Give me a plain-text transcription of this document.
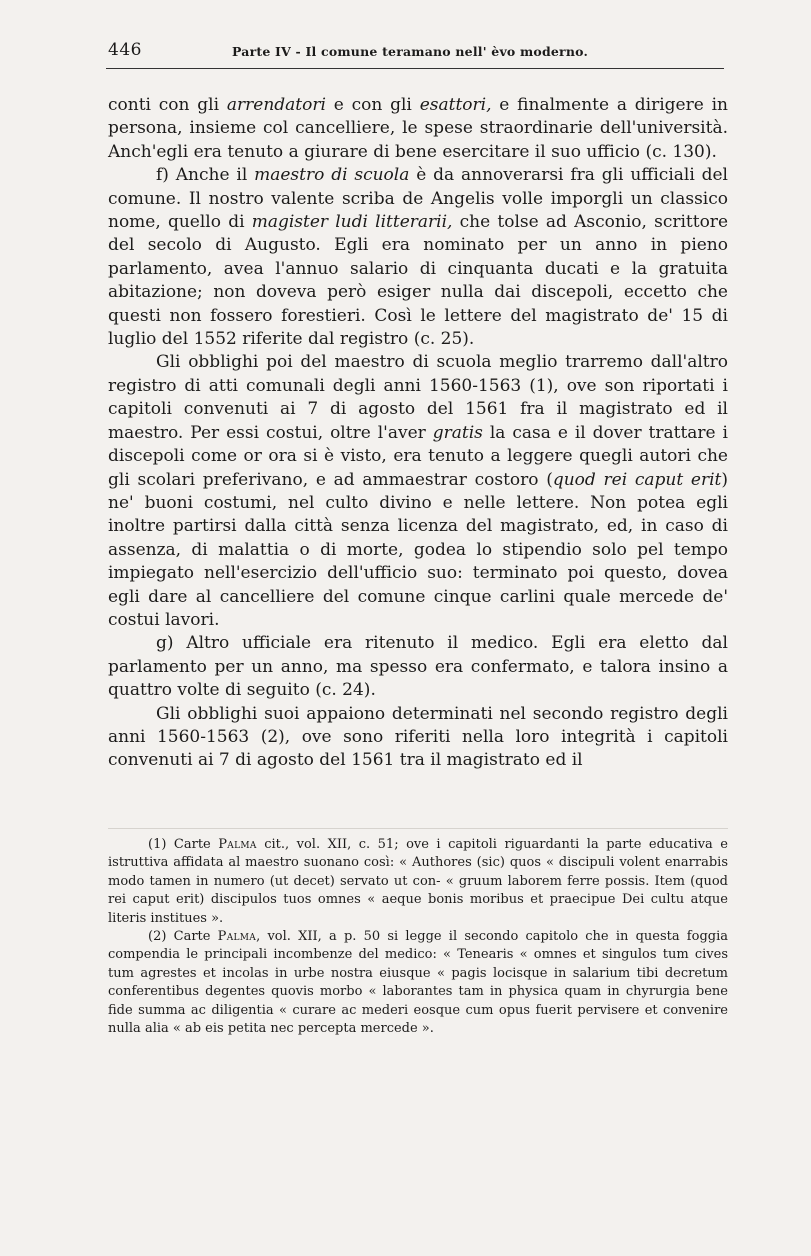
446	Parte IV - Il comune teramano nell' èvo moderno.

conti con gli arrendatori e con gli esattori, e finalmente a dirigere in persona, insieme col cancelliere, le spese straordinarie dell'università. Anch'egli era tenuto a giurare di bene esercitare il suo ufficio (c. 130).

f) Anche il maestro di scuola è da annoverarsi fra gli ufficiali del comune. Il nostro valente scriba de Angelis volle imporgli un classico nome, quello di magister ludi litterarii, che tolse ad Asconio, scrittore del secolo di Augusto. Egli era nominato per un anno in pieno parlamento, avea l'annuo salario di cinquanta ducati e la gratuita abitazione; non doveva però esiger nulla dai discepoli, eccetto che questi non fossero forestieri. Così le lettere del magistrato de' 15 di luglio del 1552 riferite dal registro (c. 25).

Gli obblighi poi del maestro di scuola meglio trarremo dall'altro registro di atti comunali degli anni 1560-1563 (1), ove son riportati i capitoli convenuti ai 7 di agosto del 1561 fra il magistrato ed il maestro. Per essi costui, oltre l'aver gratis la casa e il dover trattare i discepoli come or ora si è visto, era tenuto a leggere quegli autori che gli scolari preferivano, e ad ammaestrar costoro (quod rei caput erit) ne' buoni costumi, nel culto divino e nelle lettere. Non potea egli inoltre partirsi dalla città senza licenza del magistrato, ed, in caso di assenza, di malattia o di morte, godea lo stipendio solo pel tempo impiegato nell'esercizio dell'ufficio suo: terminato poi questo, dovea egli dare al cancelliere del comune cinque carlini quale mercede de' costui lavori.

g) Altro ufficiale era ritenuto il medico. Egli era eletto dal parlamento per un anno, ma spesso era confermato, e talora insino a quattro volte di seguito (c. 24).

Gli obblighi suoi appaiono determinati nel secondo registro degli anni 1560-1563 (2), ove sono riferiti nella loro integrità i capitoli convenuti ai 7 di agosto del 1561 tra il magistrato ed il

(1) Carte Palma cit., vol. XII, c. 51; ove i capitoli riguardanti la parte educativa e istruttiva affidata al maestro suonano così: « Authores (sic) quos « discipuli volent enarrabis modo tamen in numero (ut decet) servato ut con- « gruum laborem ferre possis. Item (quod rei caput erit) discipulos tuos omnes « aeque bonis moribus et praecipue Dei cultu atque literis institues ».

(2) Carte Palma, vol. XII, a p. 50 si legge il secondo capitolo che in questa foggia compendia le principali incombenze del medico: « Tenearis « omnes et singulos tum cives tum agrestes et incolas in urbe nostra eiusque « pagis locisque in salarium tibi decretum conferentibus degentes quovis morbo « laborantes tam in physica quam in chyrurgia bene fide summa ac diligentia « curare ac mederi eosque cum opus fuerit pervisere et convenire nulla alia « ab eis petita nec percepta mercede ».
